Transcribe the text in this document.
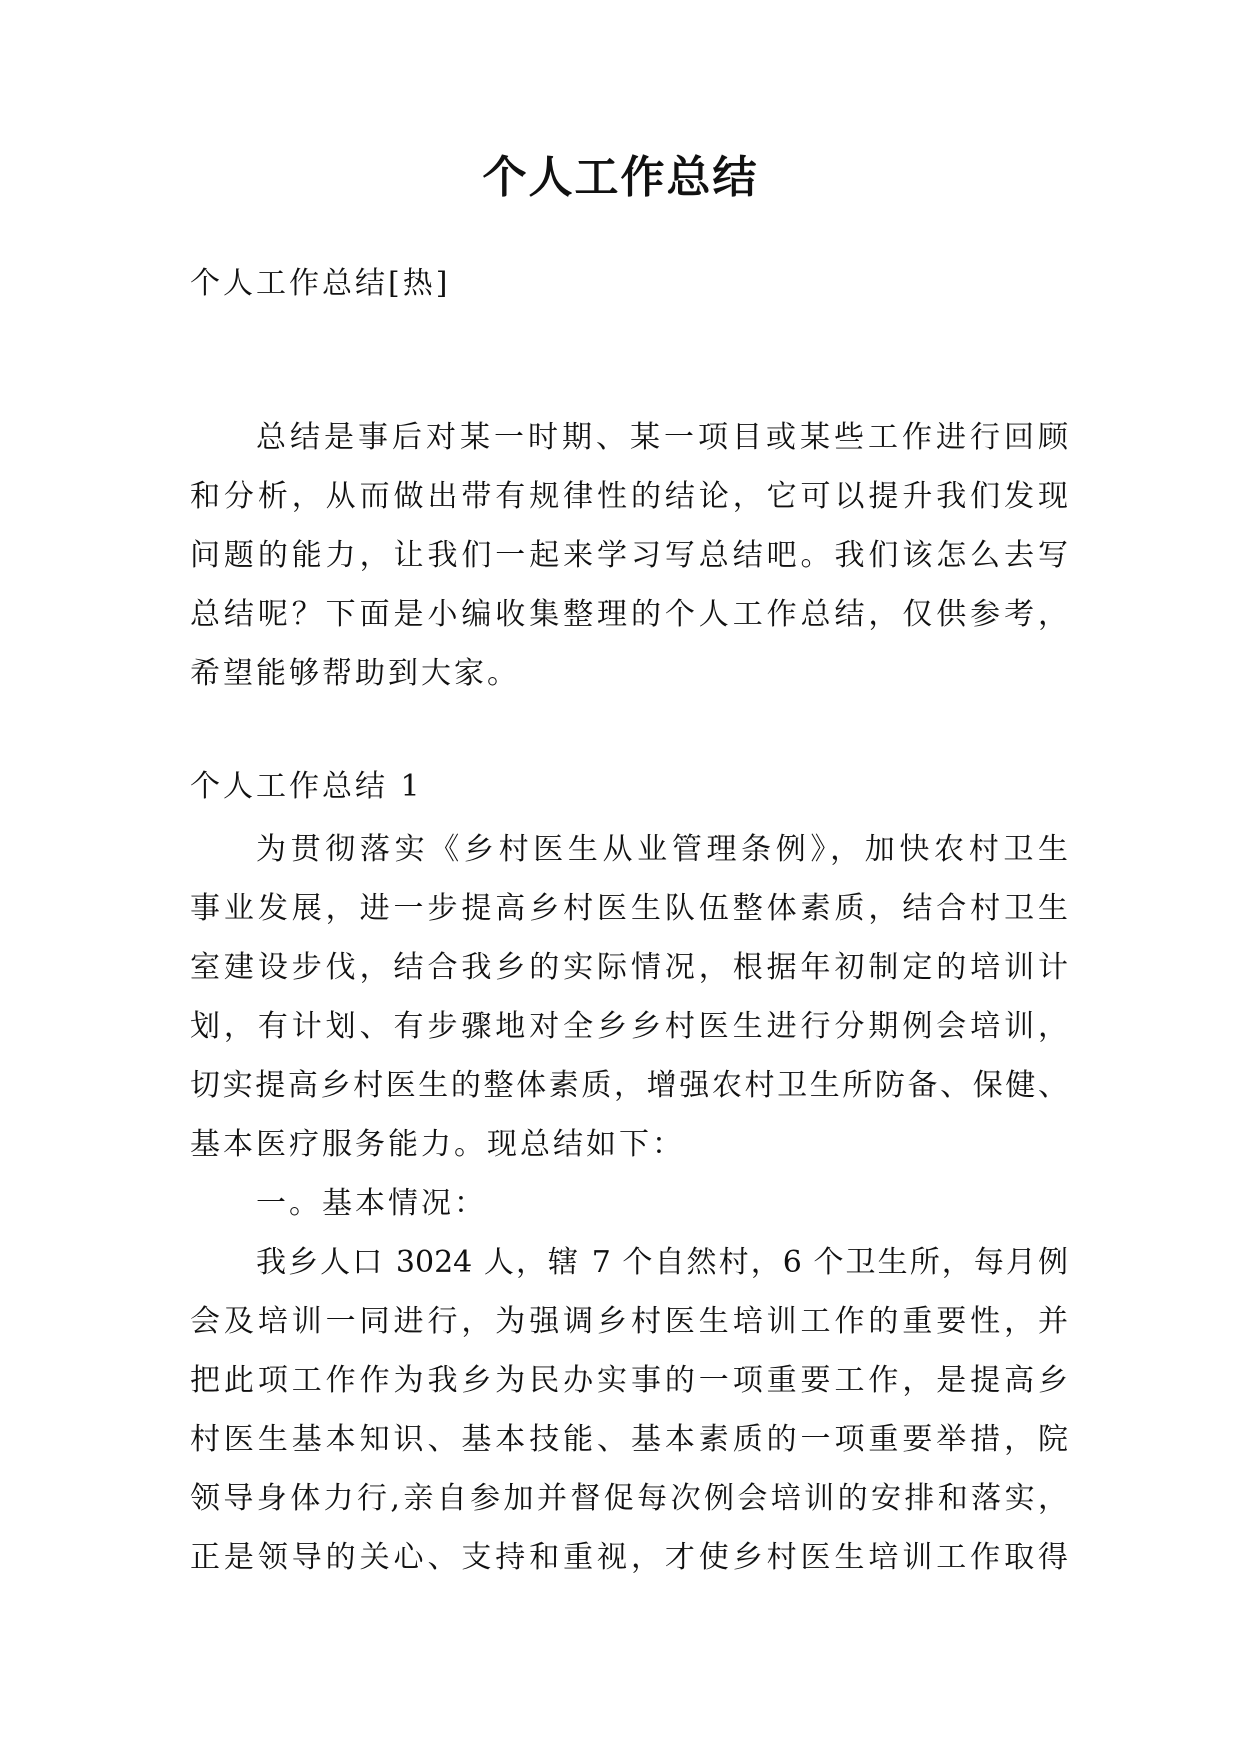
个人工作总结
个人工作总结[热]
总结是事后对某一时期、某一项目或某些工作进行回顾
和分析，从而做出带有规律性的结论，它可以提升我们发现
问题的能力，让我们一起来学习写总结吧。我们该怎么去写
总结呢？下面是小编收集整理的个人工作总结，仅供参考，
希望能够帮助到大家。
个人工作总结 1
为贯彻落实《乡村医生从业管理条例》，加快农村卫生
事业发展，进一步提高乡村医生队伍整体素质，结合村卫生
室建设步伐，结合我乡的实际情况，根据年初制定的培训计
划，有计划、有步骤地对全乡乡村医生进行分期例会培训，
切实提高乡村医生的整体素质，增强农村卫生所防备、保健、
基本医疗服务能力。现总结如下：
一。基本情况：
我乡人口 3024 人，辖 7 个自然村，6 个卫生所，每月例
会及培训一同进行，为强调乡村医生培训工作的重要性，并
把此项工作作为我乡为民办实事的一项重要工作，是提高乡
村医生基本知识、基本技能、基本素质的一项重要举措，院
领导身体力行,亲自参加并督促每次例会培训的安排和落实，
正是领导的关心、支持和重视，才使乡村医生培训工作取得
